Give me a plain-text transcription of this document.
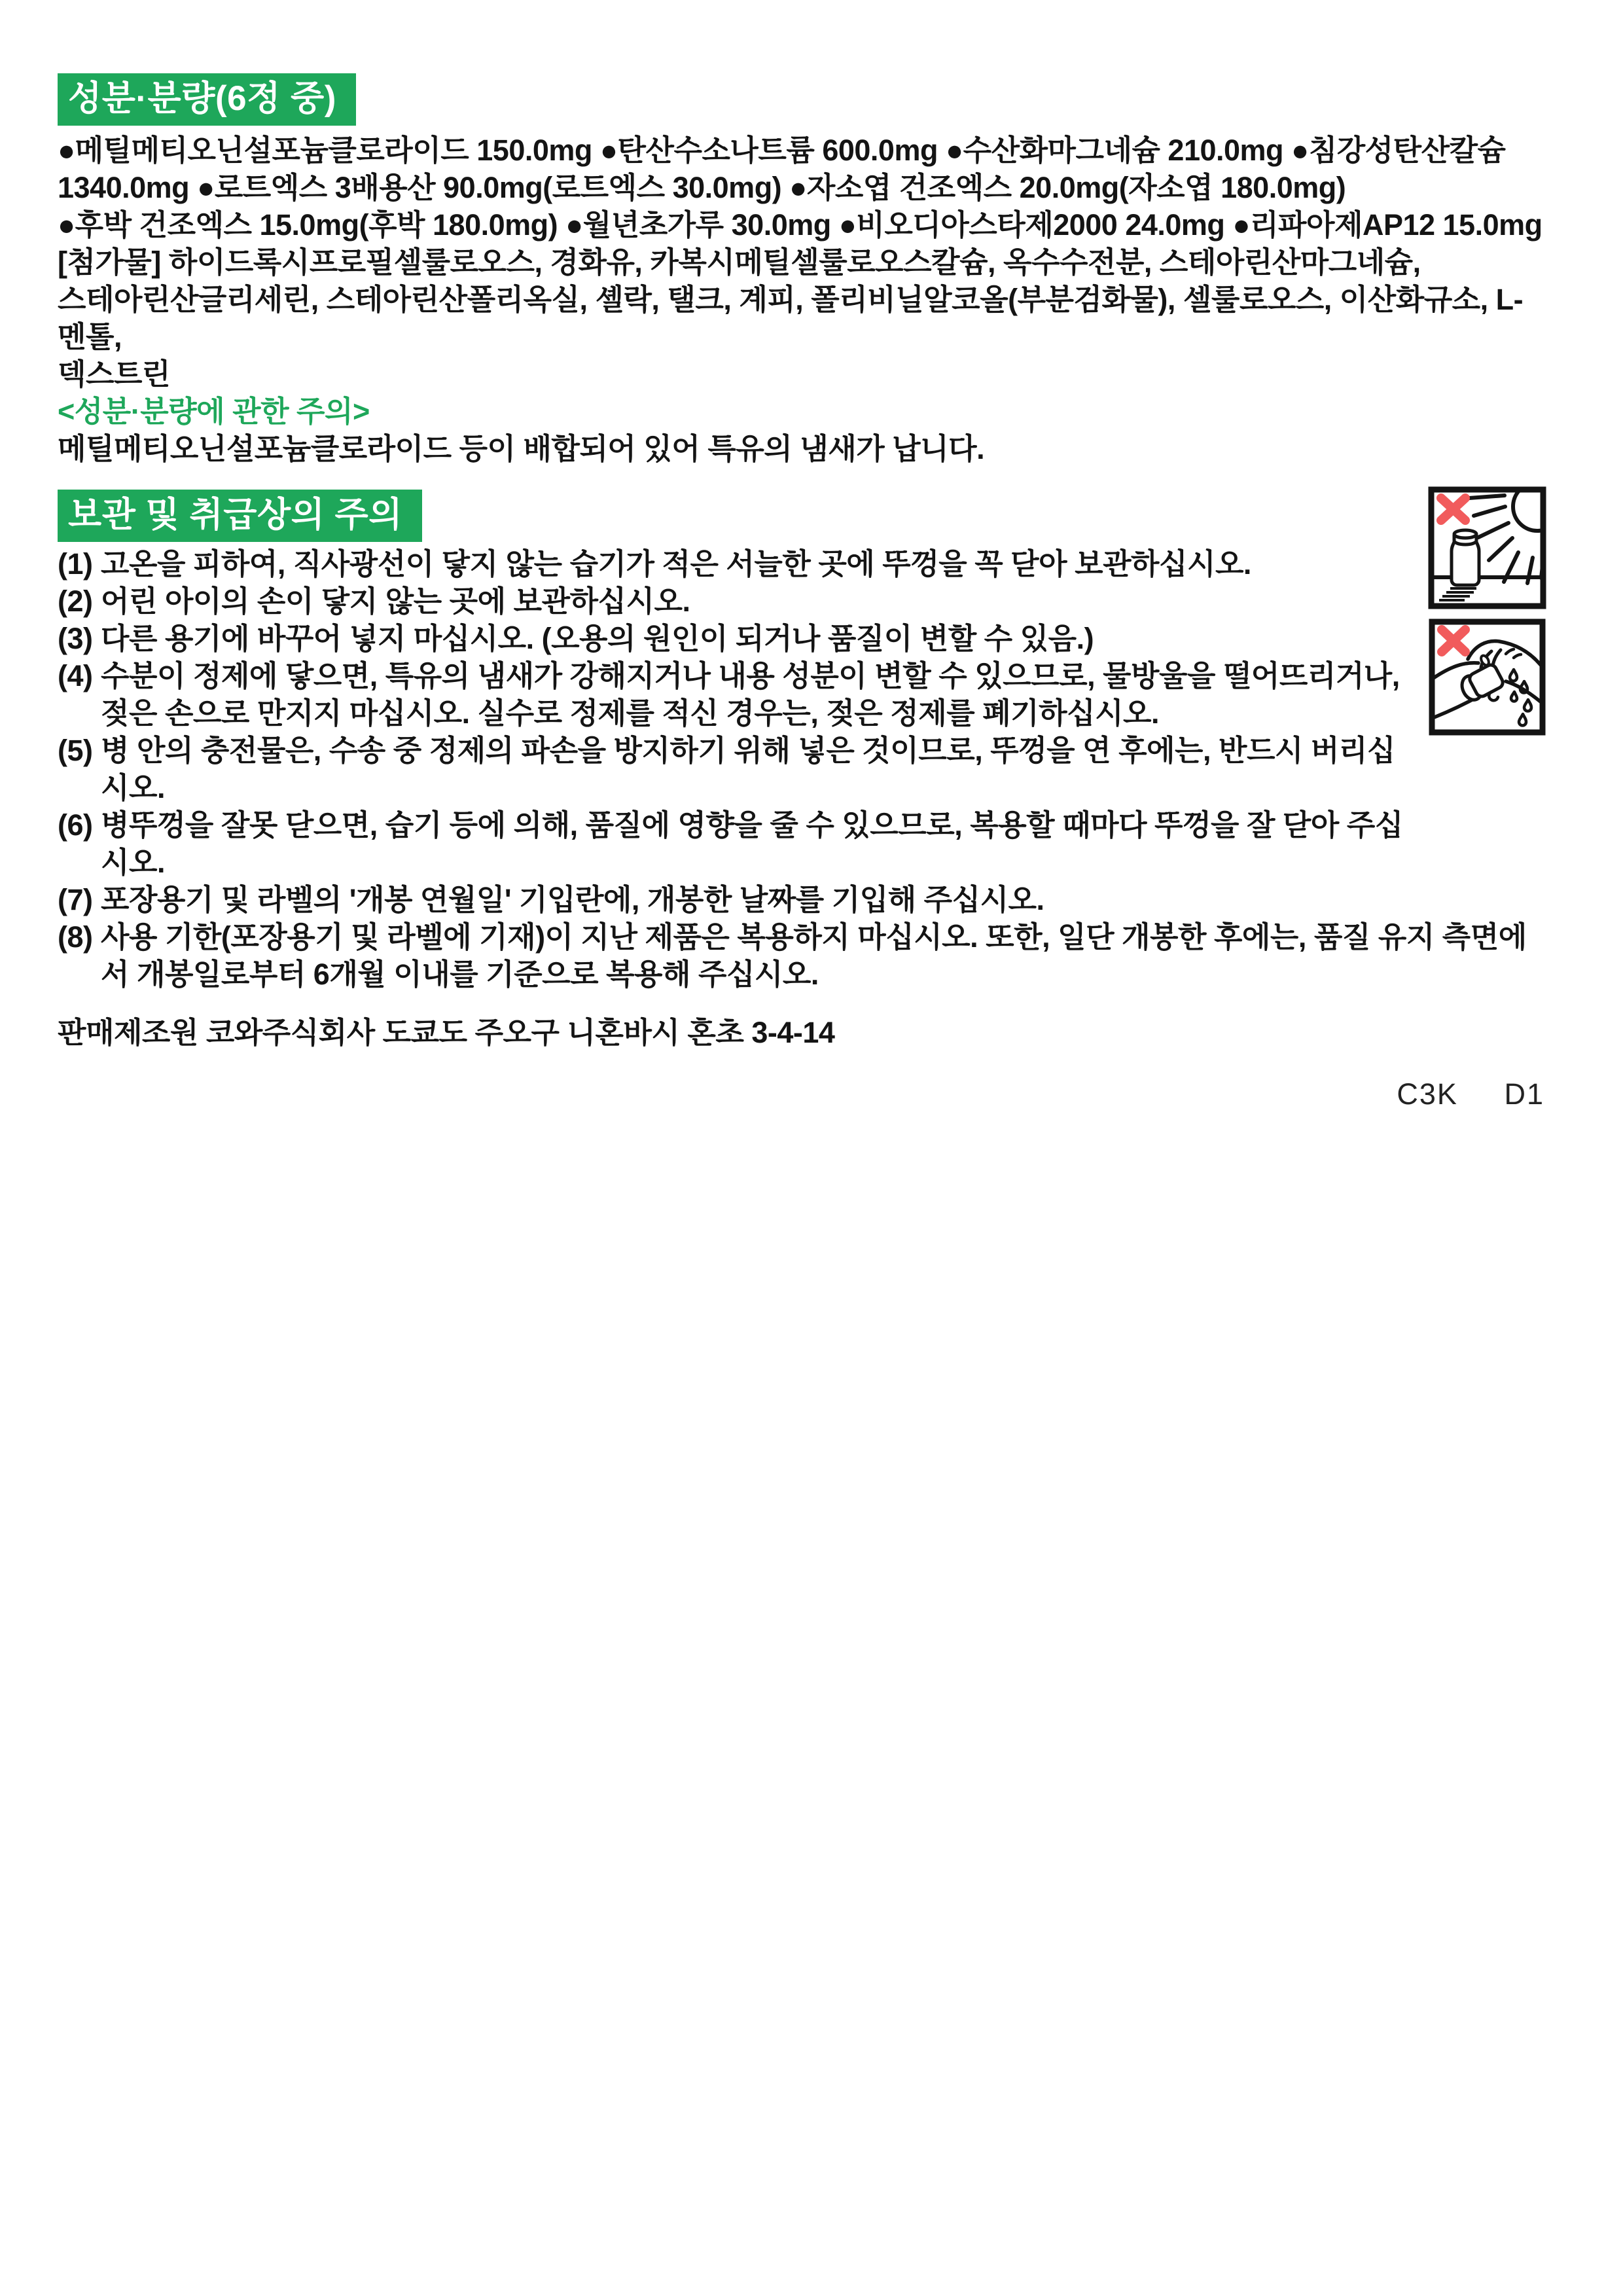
성분·분량(6정 중)
●메틸메티오닌설포늄클로라이드 150.0mg ●탄산수소나트륨 600.0mg ●수산화마그네슘 210.0mg ●침강성탄산칼슘
1340.0mg ●로트엑스 3배용산 90.0mg(로트엑스 30.0mg) ●자소엽 건조엑스 20.0mg(자소엽 180.0mg)
●후박 건조엑스 15.0mg(후박 180.0mg) ●월년초가루 30.0mg ●비오디아스타제2000 24.0mg ●리파아제AP12 15.0mg
[첨가물] 하이드록시프로필셀룰로오스, 경화유, 카복시메틸셀룰로오스칼슘, 옥수수전분, 스테아린산마그네슘,
스테아린산글리세린, 스테아린산폴리옥실, 셸락, 탤크, 계피, 폴리비닐알코올(부분검화물), 셀룰로오스, 이산화규소, L-멘톨,
덱스트린
<성분·분량에 관한 주의>
메틸메티오닌설포늄클로라이드 등이 배합되어 있어 특유의 냄새가 납니다.
보관 및 취급상의 주의
(1) 고온을 피하여, 직사광선이 닿지 않는 습기가 적은 서늘한 곳에 뚜껑을 꼭 닫아 보관하십시오.
(2) 어린 아이의 손이 닿지 않는 곳에 보관하십시오.
(3) 다른 용기에 바꾸어 넣지 마십시오. (오용의 원인이 되거나 품질이 변할 수 있음.)
(4) 수분이 정제에 닿으면, 특유의 냄새가 강해지거나 내용 성분이 변할 수 있으므로, 물방울을 떨어뜨리거나, 젖은 손으로 만지지 마십시오. 실수로 정제를 적신 경우는, 젖은 정제를 폐기하십시오.
(5) 병 안의 충전물은, 수송 중 정제의 파손을 방지하기 위해 넣은 것이므로, 뚜껑을 연 후에는, 반드시 버리십시오.
(6) 병뚜껑을 잘못 닫으면, 습기 등에 의해, 품질에 영향을 줄 수 있으므로, 복용할 때마다 뚜껑을 잘 닫아 주십시오.
(7) 포장용기 및 라벨의 '개봉 연월일' 기입란에, 개봉한 날짜를 기입해 주십시오.
(8) 사용 기한(포장용기 및 라벨에 기재)이 지난 제품은 복용하지 마십시오. 또한, 일단 개봉한 후에는, 품질 유지 측면에서 개봉일로부터 6개월 이내를 기준으로 복용해 주십시오.
판매제조원 코와주식회사 도쿄도 주오구 니혼바시 혼초 3-4-14
C3K D1
